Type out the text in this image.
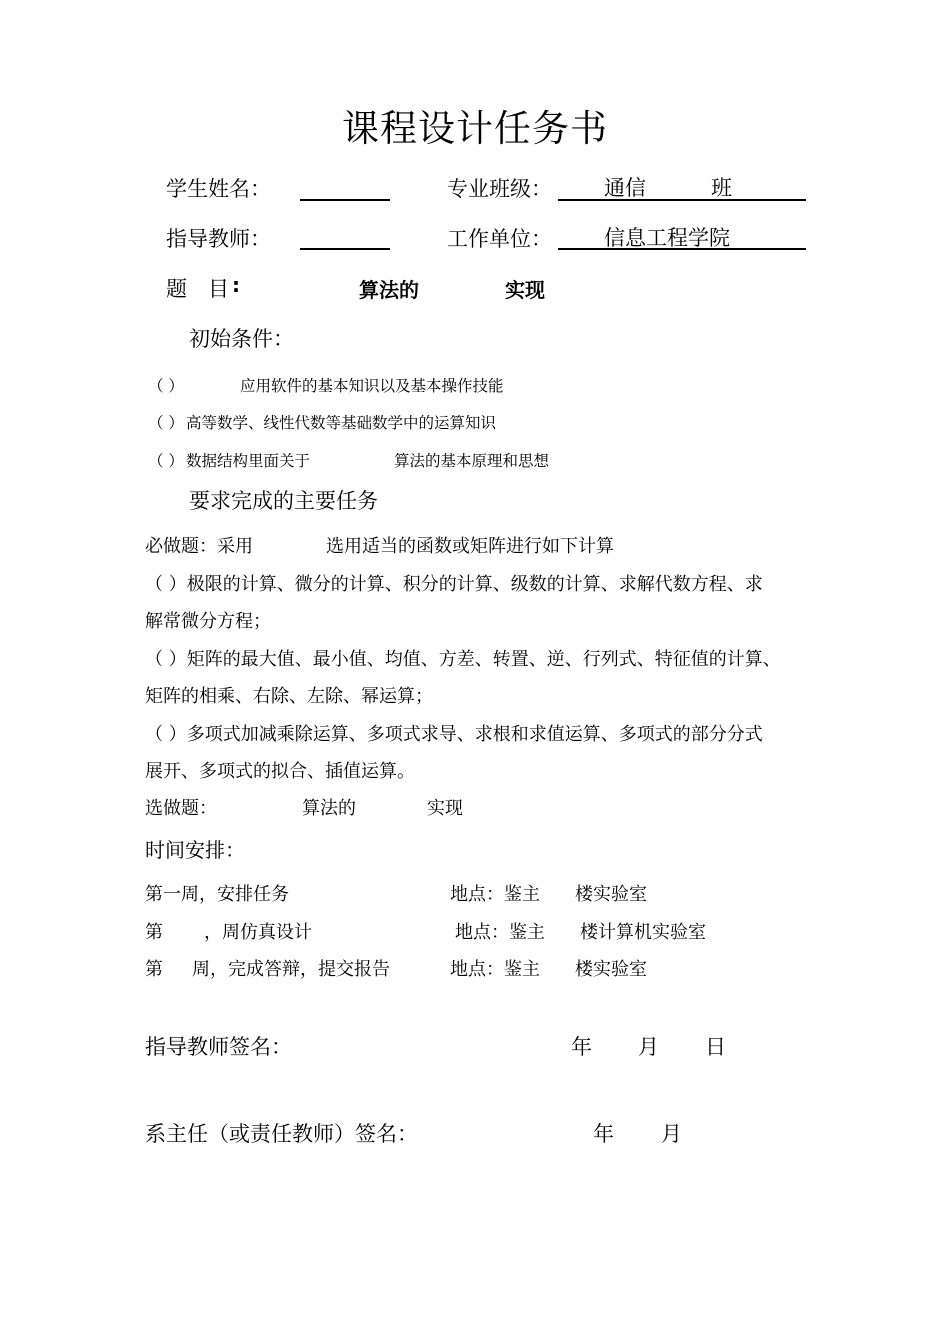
课程设计任务书
学生姓名：	专业班级： 通信	班
指导教师：	工作单位： 信息工程学院
题　目 :	算法的	实现
初始条件：
（ ）	应用软件的基本知识以及基本操作技能
（ ） 高等数学、线性代数等基础数学中的运算知识
（ ） 数据结构里面关于	算法的基本原理和思想
要求完成的主要任务
必做题：采用	选用适当的函数或矩阵进行如下计算
（ ）极限的计算、微分的计算、积分的计算、级数的计算、求解代数方程、求
解常微分方程；
（ ）矩阵的最大值、最小值、均值、方差、转置、逆、行列式、特征值的计算、
矩阵的相乘、右除、左除、幂运算；
（ ）多项式加减乘除运算、多项式求导、求根和求值运算、多项式的部分分式
展开、多项式的拟合、插值运算。
选做题：	算法的	实现
时间安排：
第一周，安排任务	地点：鉴主 楼实验室
第 ，周仿真设计	地点：鉴主 楼计算机实验室
第 周，完成答辩，提交报告	地点：鉴主 楼实验室
指导教师签名：	年 月 日
系主任（或责任教师）签名：	年 月
